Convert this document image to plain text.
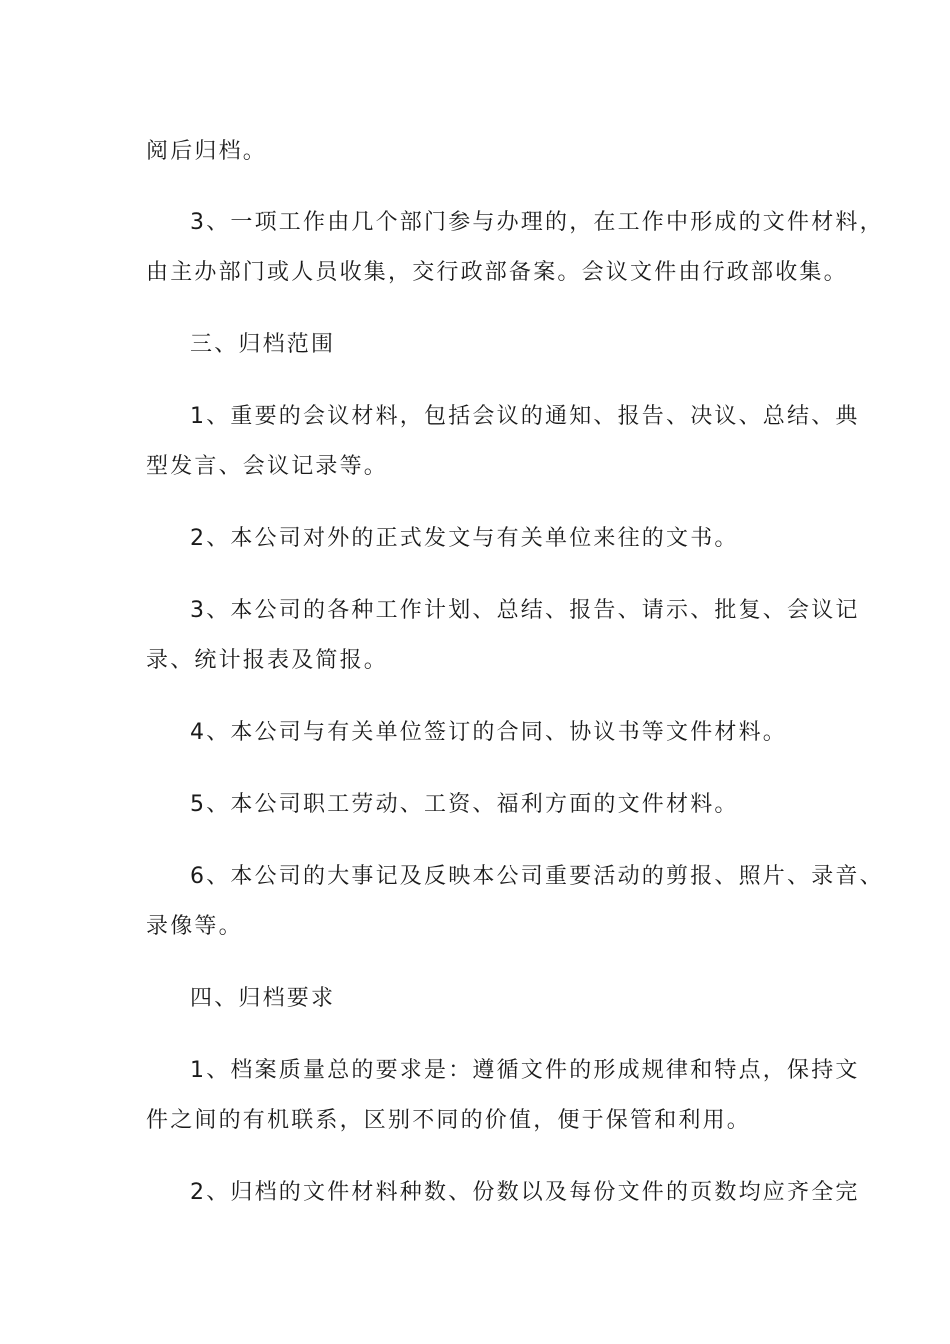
阅后归档。
3、一项工作由几个部门参与办理的，在工作中形成的文件材料，
由主办部门或人员收集，交行政部备案。会议文件由行政部收集。
三、归档范围
1、重要的会议材料，包括会议的通知、报告、决议、总结、典
型发言、会议记录等。
2、本公司对外的正式发文与有关单位来往的文书。
3、本公司的各种工作计划、总结、报告、请示、批复、会议记
录、统计报表及简报。
4、本公司与有关单位签订的合同、协议书等文件材料。
5、本公司职工劳动、工资、福利方面的文件材料。
6、本公司的大事记及反映本公司重要活动的剪报、照片、录音、
录像等。
四、归档要求
1、档案质量总的要求是：遵循文件的形成规律和特点，保持文
件之间的有机联系，区别不同的价值，便于保管和利用。
2、归档的文件材料种数、份数以及每份文件的页数均应齐全完
